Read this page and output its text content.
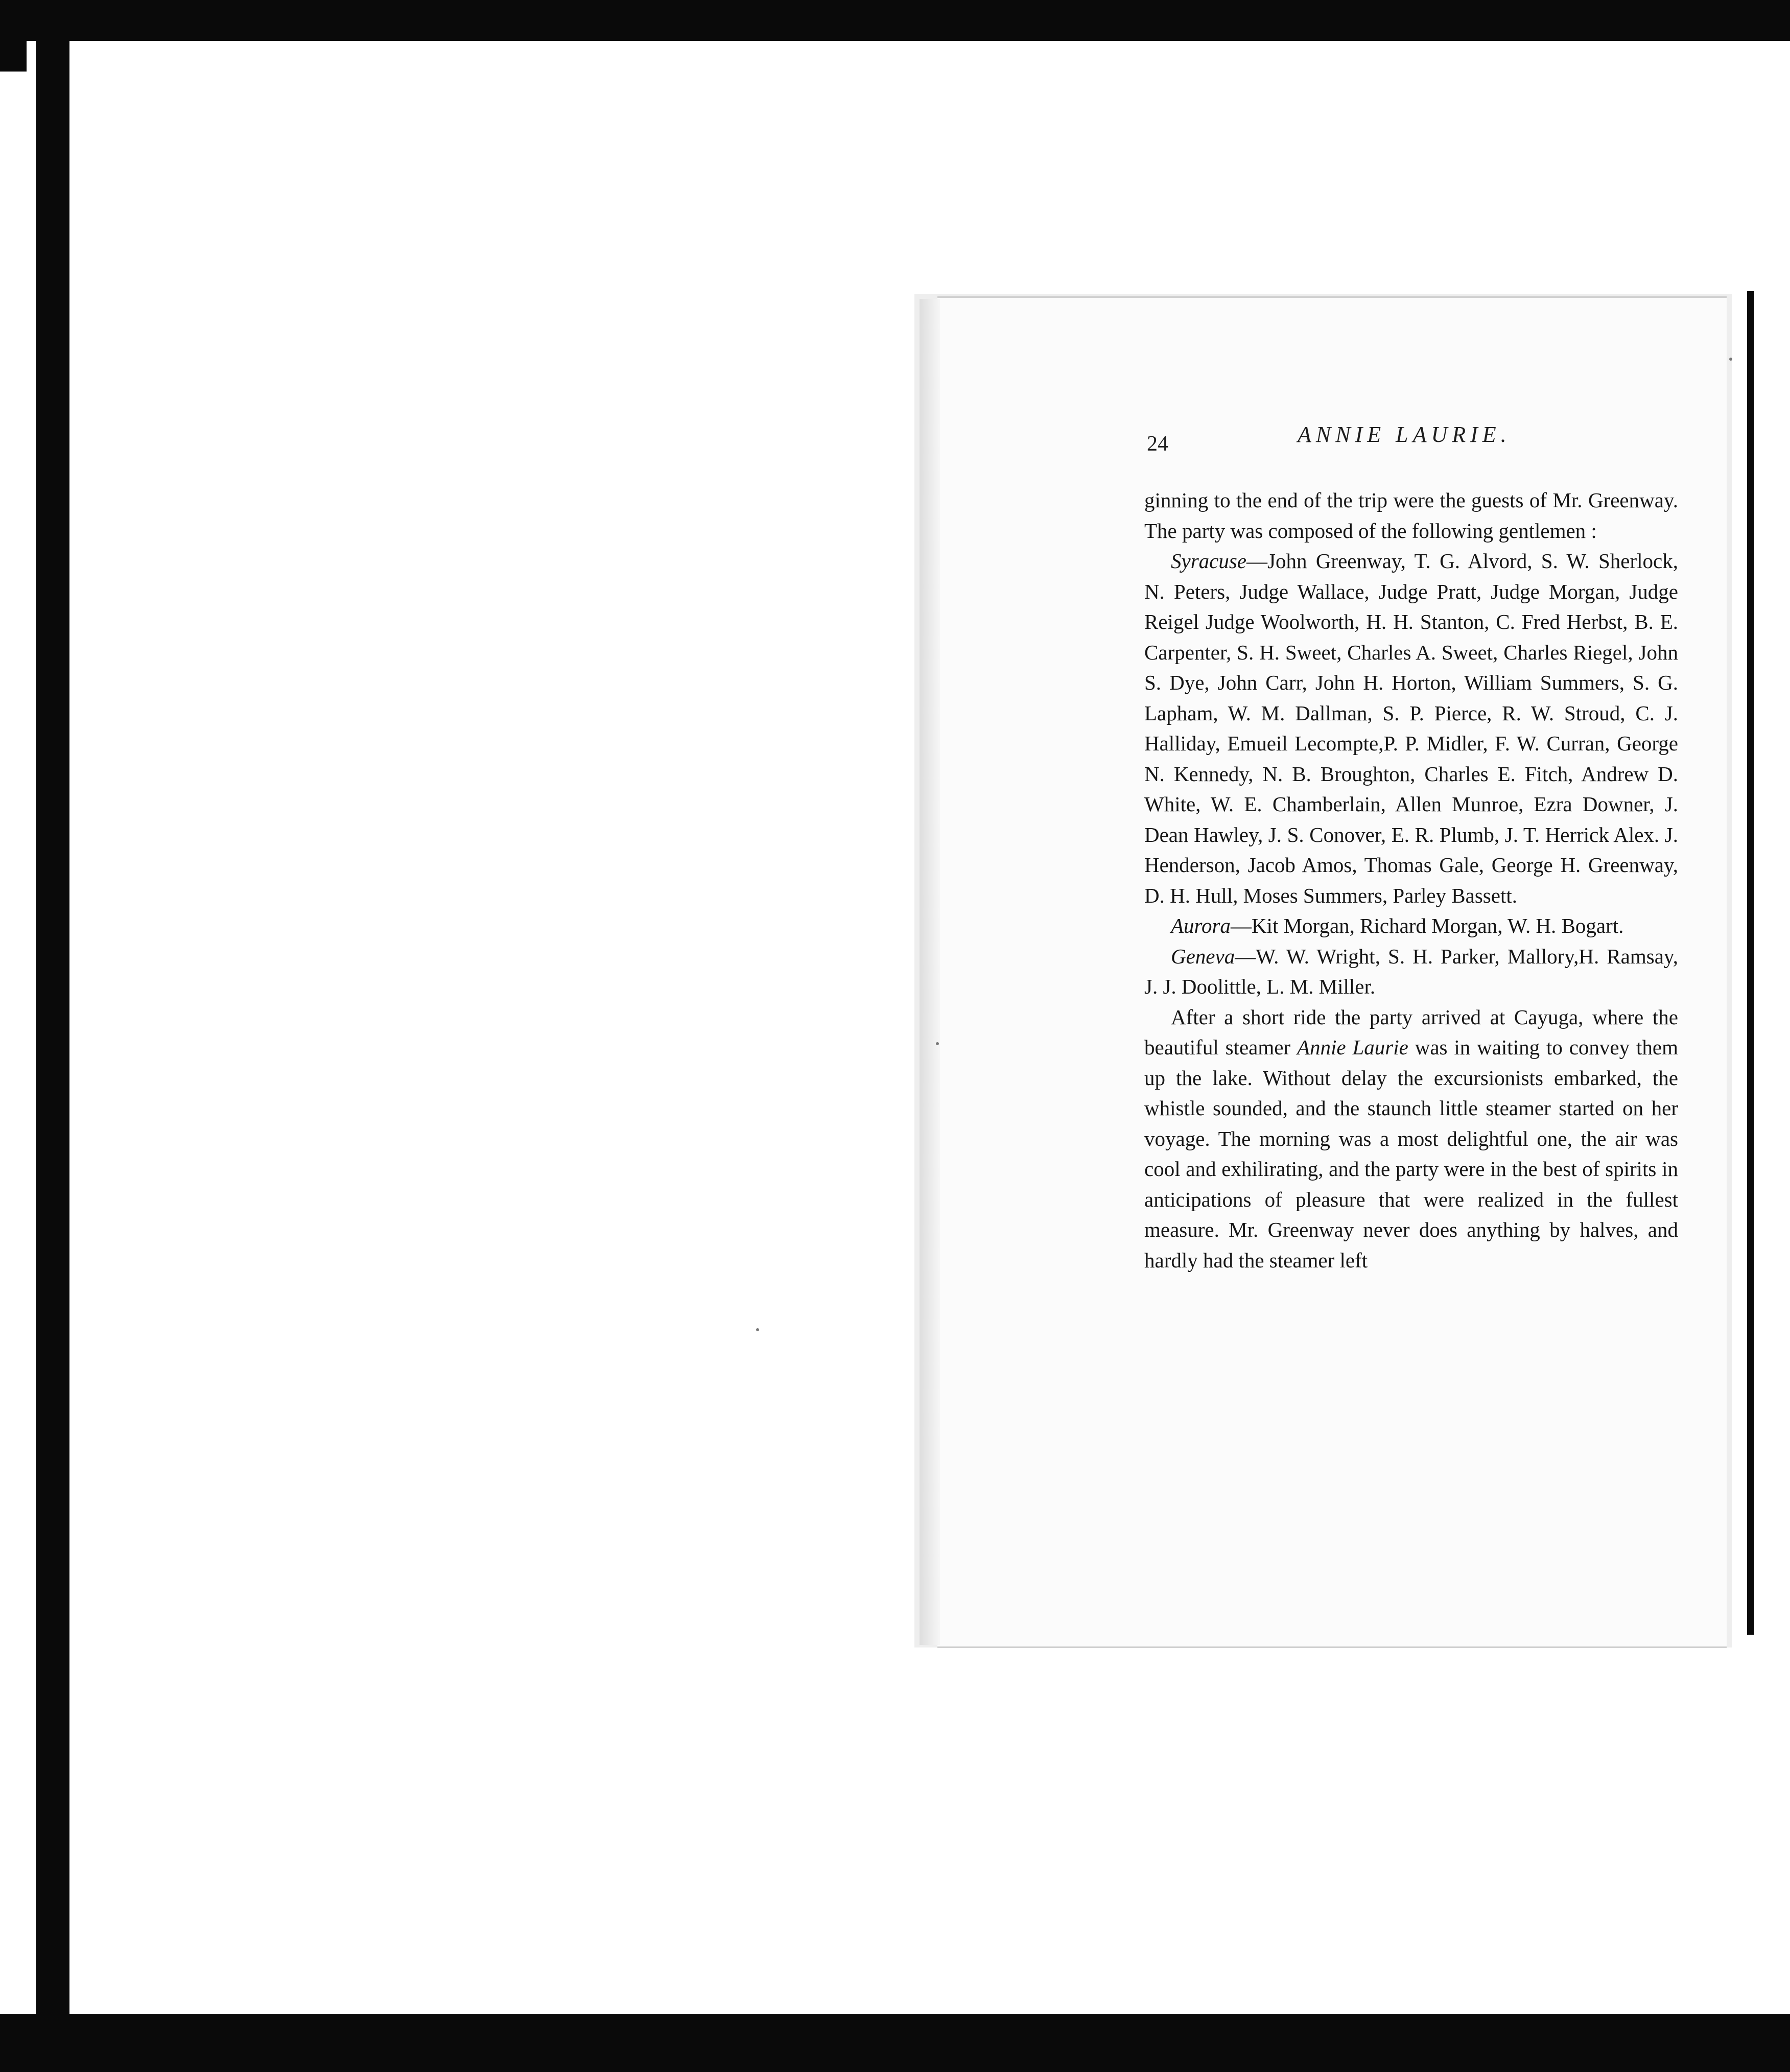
24	ANNIE LAURIE.

ginning to the end of the trip were the guests of Mr. Greenway. The party was composed of the following gentlemen :

Syracuse—John Greenway, T. G. Alvord, S. W. Sherlock, N. Peters, Judge Wallace, Judge Pratt, Judge Morgan, Judge Reigel Judge Woolworth, H. H. Stanton, C. Fred Herbst, B. E. Carpenter, S. H. Sweet, Charles A. Sweet, Charles Riegel, John S. Dye, John Carr, John H. Horton, William Summers, S. G. Lapham, W. M. Dallman, S. P. Pierce, R. W. Stroud, C. J. Halliday, Emueil Lecompte,P. P. Midler, F. W. Curran, George N. Kennedy, N. B. Broughton, Charles E. Fitch, Andrew D. White, W. E. Chamberlain, Allen Munroe, Ezra Downer, J. Dean Hawley, J. S. Conover, E. R. Plumb, J. T. Herrick Alex. J. Henderson, Jacob Amos, Thomas Gale, George H. Greenway, D. H. Hull, Moses Summers, Parley Bassett.

Aurora—Kit Morgan, Richard Morgan, W. H. Bogart.

Geneva—W. W. Wright, S. H. Parker, Mallory,H. Ramsay, J. J. Doolittle, L. M. Miller.

After a short ride the party arrived at Cayuga, where the beautiful steamer Annie Laurie was in waiting to convey them up the lake. Without delay the excursionists embarked, the whistle sounded, and the staunch little steamer started on her voyage. The morning was a most delightful one, the air was cool and exhilirating, and the party were in the best of spirits in anticipations of pleasure that were realized in the fullest measure. Mr. Greenway never does anything by halves, and hardly had the steamer left
